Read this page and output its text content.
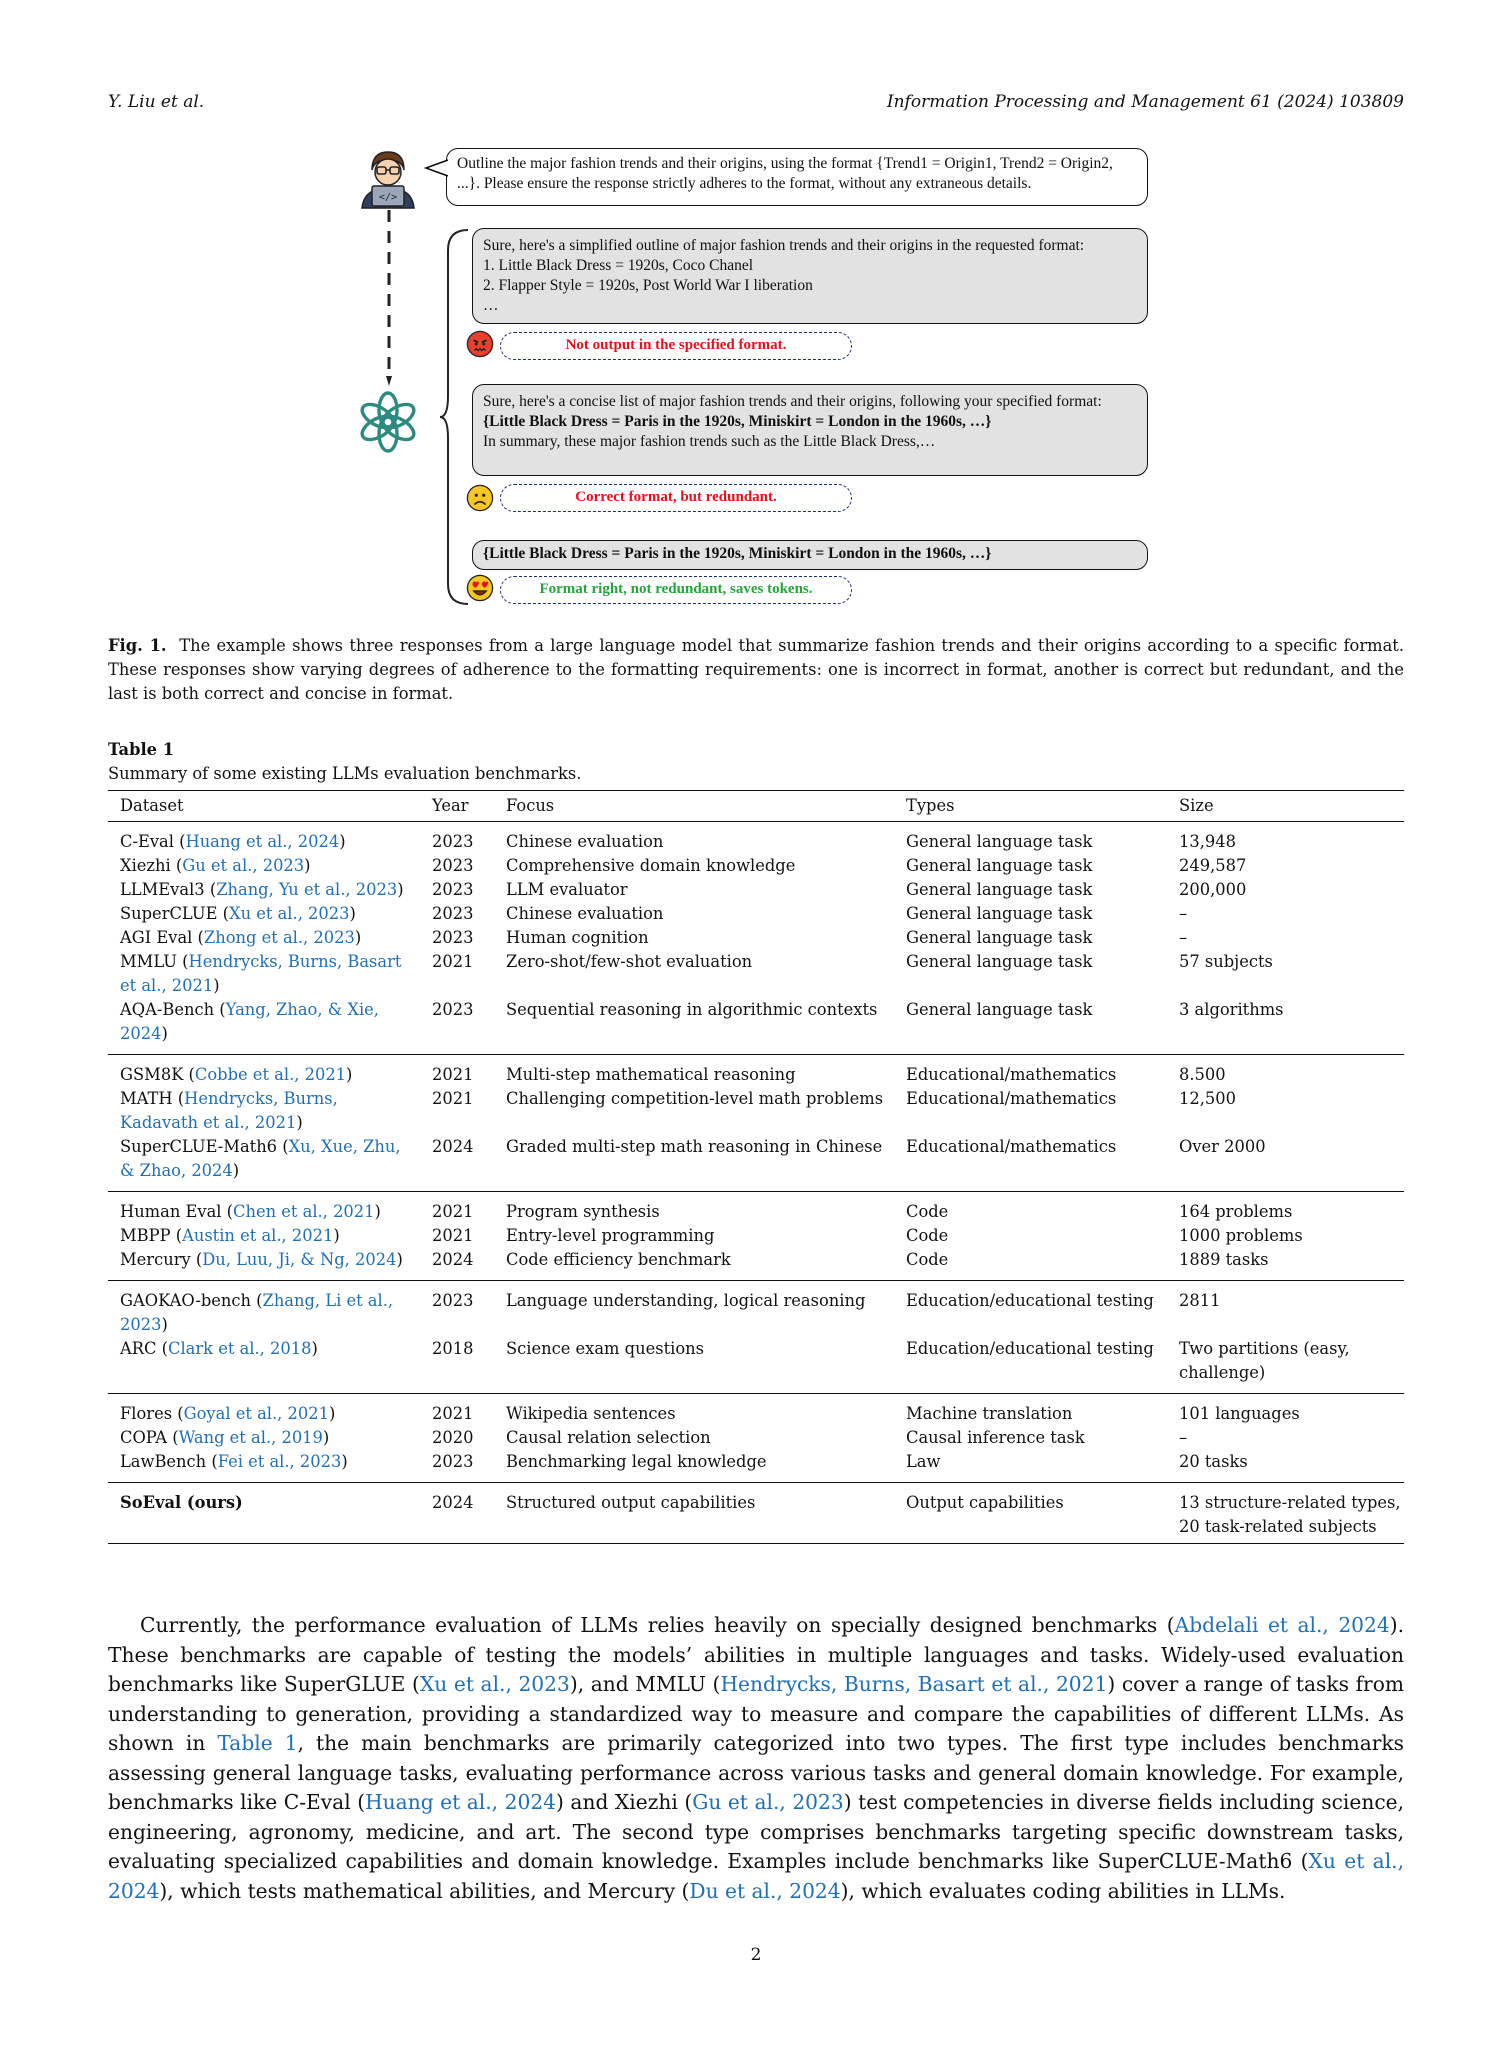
Y. Liu et al.	Information Processing and Management 61 (2024) 103809
</>
Outline the major fashion trends and their origins, using the format {Trend1 = Origin1, Trend2 = Origin2, ...}. Please ensure the response strictly adheres to the format, without any extraneous details.
Sure, here's a simplified outline of major fashion trends and their origins in the requested format:
1. Little Black Dress = 1920s, Coco Chanel
2. Flapper Style = 1920s, Post World War I liberation
…
Not output in the specified format.
Sure, here's a concise list of major fashion trends and their origins, following your specified format:
{Little Black Dress = Paris in the 1920s, Miniskirt = London in the 1960s, …}
In summary, these major fashion trends such as the Little Black Dress,…
Correct format, but redundant.
{Little Black Dress = Paris in the 1920s, Miniskirt = London in the 1960s, …}
Format right, not redundant, saves tokens.
Fig. 1. The example shows three responses from a large language model that summarize fashion trends and their origins according to a specific format. These responses show varying degrees of adherence to the formatting requirements: one is incorrect in format, another is correct but redundant, and the last is both correct and concise in format.
Table 1
Summary of some existing LLMs evaluation benchmarks.
Dataset	Year	Focus	Types	Size
C-Eval (Huang et al., 2024)	2023	Chinese evaluation	General language task	13,948
Xiezhi (Gu et al., 2023)	2023	Comprehensive domain knowledge	General language task	249,587
LLMEval3 (Zhang, Yu et al., 2023)	2023	LLM evaluator	General language task	200,000
SuperCLUE (Xu et al., 2023)	2023	Chinese evaluation	General language task	–
AGI Eval (Zhong et al., 2023)	2023	Human cognition	General language task	–
MMLU (Hendrycks, Burns, Basart et al., 2021)	2021	Zero-shot/few-shot evaluation	General language task	57 subjects
AQA-Bench (Yang, Zhao, & Xie, 2024)	2023	Sequential reasoning in algorithmic contexts	General language task	3 algorithms
GSM8K (Cobbe et al., 2021)	2021	Multi-step mathematical reasoning	Educational/mathematics	8.500
MATH (Hendrycks, Burns, Kadavath et al., 2021)	2021	Challenging competition-level math problems	Educational/mathematics	12,500
SuperCLUE-Math6 (Xu, Xue, Zhu, & Zhao, 2024)	2024	Graded multi-step math reasoning in Chinese	Educational/mathematics	Over 2000
Human Eval (Chen et al., 2021)	2021	Program synthesis	Code	164 problems
MBPP (Austin et al., 2021)	2021	Entry-level programming	Code	1000 problems
Mercury (Du, Luu, Ji, & Ng, 2024)	2024	Code efficiency benchmark	Code	1889 tasks
GAOKAO-bench (Zhang, Li et al., 2023)	2023	Language understanding, logical reasoning	Education/educational testing	2811
ARC (Clark et al., 2018)	2018	Science exam questions	Education/educational testing	Two partitions (easy, challenge)
Flores (Goyal et al., 2021)	2021	Wikipedia sentences	Machine translation	101 languages
COPA (Wang et al., 2019)	2020	Causal relation selection	Causal inference task	–
LawBench (Fei et al., 2023)	2023	Benchmarking legal knowledge	Law	20 tasks
SoEval (ours)	2024	Structured output capabilities	Output capabilities	13 structure-related types, 20 task-related subjects
Currently, the performance evaluation of LLMs relies heavily on specially designed benchmarks (Abdelali et al., 2024). These benchmarks are capable of testing the models’ abilities in multiple languages and tasks. Widely-used evaluation benchmarks like SuperGLUE (Xu et al., 2023), and MMLU (Hendrycks, Burns, Basart et al., 2021) cover a range of tasks from understanding to generation, providing a standardized way to measure and compare the capabilities of different LLMs. As shown in Table 1, the main benchmarks are primarily categorized into two types. The first type includes benchmarks assessing general language tasks, evaluating performance across various tasks and general domain knowledge. For example, benchmarks like C-Eval (Huang et al., 2024) and Xiezhi (Gu et al., 2023) test competencies in diverse fields including science, engineering, agronomy, medicine, and art. The second type comprises benchmarks targeting specific downstream tasks, evaluating specialized capabilities and domain knowledge. Examples include benchmarks like SuperCLUE-Math6 (Xu et al., 2024), which tests mathematical abilities, and Mercury (Du et al., 2024), which evaluates coding abilities in LLMs.
2
